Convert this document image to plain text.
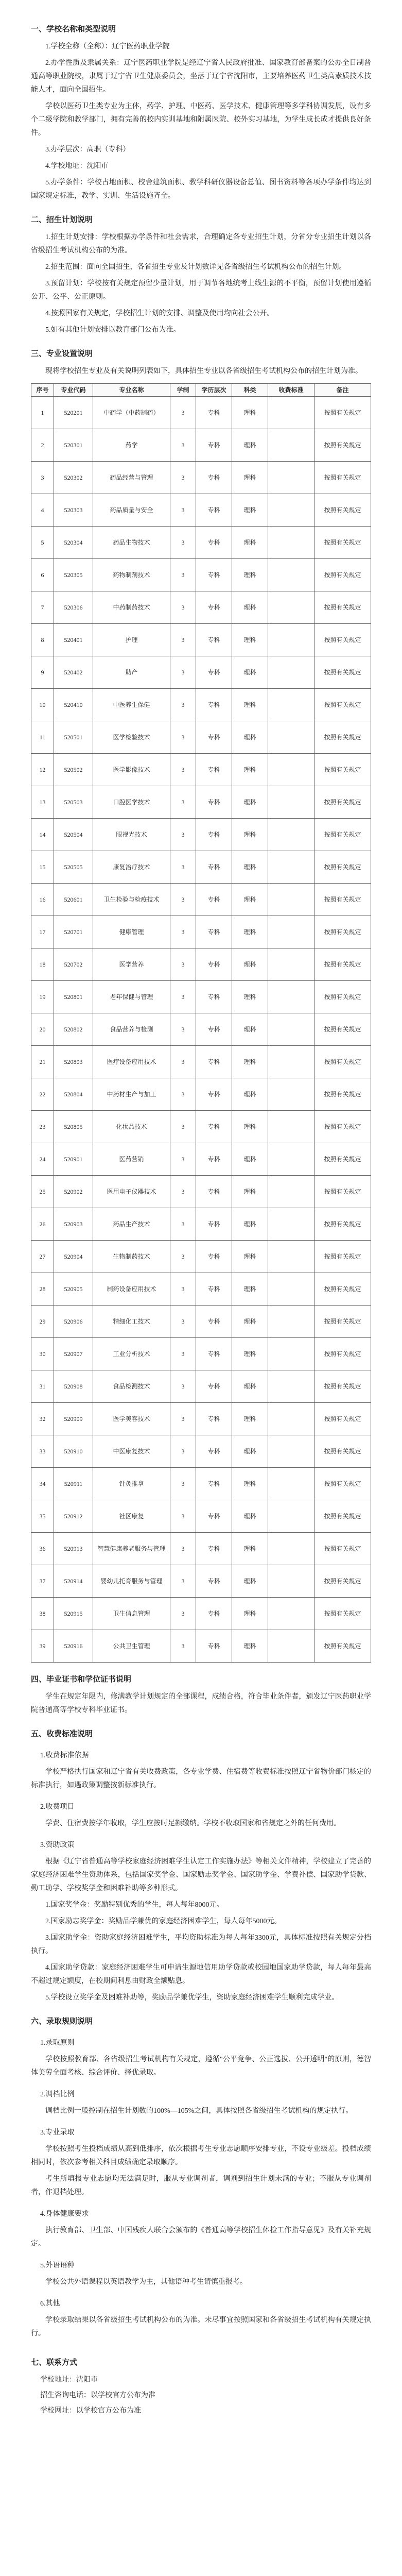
一、学校名称和类型说明
1.学校全称（全称）：辽宁医药职业学院
2.办学性质及隶属关系：辽宁医药职业学院是经辽宁省人民政府批准、国家教育部备案的公办全日制普通高等职业院校，隶属于辽宁省卫生健康委员会，坐落于辽宁省沈阳市，主要培养医药卫生类高素质技术技能人才，面向全国招生。
学校以医药卫生类专业为主体，药学、护理、中医药、医学技术、健康管理等多学科协调发展，设有多个二级学院和教学部门，拥有完善的校内实训基地和附属医院、校外实习基地，为学生成长成才提供良好条件。
3.办学层次：高职（专科）
4.学校地址：沈阳市
5.办学条件：学校占地面积、校舍建筑面积、教学科研仪器设备总值、图书资料等各项办学条件均达到国家规定标准，教学、实训、生活设施齐全。
二、招生计划说明
1.招生计划安排：学校根据办学条件和社会需求，合理确定各专业招生计划，分省分专业招生计划以各省级招生考试机构公布的为准。
2.招生范围：面向全国招生，各省招生专业及计划数详见各省级招生考试机构公布的招生计划。
3.预留计划：学校按有关规定预留少量计划，用于调节各地统考上线生源的不平衡，预留计划使用遵循公开、公平、公正原则。
4.按照国家有关规定，学校招生计划的安排、调整及使用均向社会公开。
5.如有其他计划安排以教育部门公布为准。
三、专业设置说明
现将学校招生专业及有关说明列表如下，具体招生专业以各省级招生考试机构公布的招生计划为准。
序号	专业代码	专业名称	学制	学历层次	科类	收费标准	备注
1	520201	中药学（中药制药）	3	专科	理科		按照有关规定
2	520301	药学	3	专科	理科		按照有关规定
3	520302	药品经营与管理	3	专科	理科		按照有关规定
4	520303	药品质量与安全	3	专科	理科		按照有关规定
5	520304	药品生物技术	3	专科	理科		按照有关规定
6	520305	药物制剂技术	3	专科	理科		按照有关规定
7	520306	中药制药技术	3	专科	理科		按照有关规定
8	520401	护理	3	专科	理科		按照有关规定
9	520402	助产	3	专科	理科		按照有关规定
10	520410	中医养生保健	3	专科	理科		按照有关规定
11	520501	医学检验技术	3	专科	理科		按照有关规定
12	520502	医学影像技术	3	专科	理科		按照有关规定
13	520503	口腔医学技术	3	专科	理科		按照有关规定
14	520504	眼视光技术	3	专科	理科		按照有关规定
15	520505	康复治疗技术	3	专科	理科		按照有关规定
16	520601	卫生检验与检疫技术	3	专科	理科		按照有关规定
17	520701	健康管理	3	专科	理科		按照有关规定
18	520702	医学营养	3	专科	理科		按照有关规定
19	520801	老年保健与管理	3	专科	理科		按照有关规定
20	520802	食品营养与检测	3	专科	理科		按照有关规定
21	520803	医疗设备应用技术	3	专科	理科		按照有关规定
22	520804	中药材生产与加工	3	专科	理科		按照有关规定
23	520805	化妆品技术	3	专科	理科		按照有关规定
24	520901	医药营销	3	专科	理科		按照有关规定
25	520902	医用电子仪器技术	3	专科	理科		按照有关规定
26	520903	药品生产技术	3	专科	理科		按照有关规定
27	520904	生物制药技术	3	专科	理科		按照有关规定
28	520905	制药设备应用技术	3	专科	理科		按照有关规定
29	520906	精细化工技术	3	专科	理科		按照有关规定
30	520907	工业分析技术	3	专科	理科		按照有关规定
31	520908	食品检测技术	3	专科	理科		按照有关规定
32	520909	医学美容技术	3	专科	理科		按照有关规定
33	520910	中医康复技术	3	专科	理科		按照有关规定
34	520911	针灸推拿	3	专科	理科		按照有关规定
35	520912	社区康复	3	专科	理科		按照有关规定
36	520913	智慧健康养老服务与管理	3	专科	理科		按照有关规定
37	520914	婴幼儿托育服务与管理	3	专科	理科		按照有关规定
38	520915	卫生信息管理	3	专科	理科		按照有关规定
39	520916	公共卫生管理	3	专科	理科		按照有关规定
四、毕业证书和学位证书说明
学生在规定年限内，修满教学计划规定的全部课程，成绩合格，符合毕业条件者，颁发辽宁医药职业学院普通高等学校专科毕业证书。
五、收费标准说明
1.收费标准依据
学校严格执行国家和辽宁省有关收费政策，各专业学费、住宿费等收费标准按照辽宁省物价部门核定的标准执行，如遇政策调整按新标准执行。
2.收费项目
学费、住宿费按学年收取，学生应按时足额缴纳。学校不收取国家和省规定之外的任何费用。
3.资助政策
根据《辽宁省普通高等学校家庭经济困难学生认定工作实施办法》等相关文件精神，学校建立了完善的家庭经济困难学生资助体系，包括国家奖学金、国家励志奖学金、国家助学金、学费补偿、国家助学贷款、勤工助学、学校奖学金和困难补助等多种形式。
1.国家奖学金：奖励特别优秀的学生，每人每年8000元。
2.国家励志奖学金：奖励品学兼优的家庭经济困难学生，每人每年5000元。
3.国家助学金：资助家庭经济困难学生，平均资助标准为每人每年3300元，具体标准按照有关规定分档执行。
4.国家助学贷款：家庭经济困难学生可申请生源地信用助学贷款或校园地国家助学贷款，每人每年最高不超过规定额度，在校期间利息由财政全额贴息。
5.学校设立奖学金及困难补助等，奖励品学兼优学生，资助家庭经济困难学生顺利完成学业。
六、录取规则说明
1.录取原则
学校按照教育部、各省级招生考试机构有关规定，遵循"公平竞争、公正选拔、公开透明"的原则，德智体美劳全面考核、综合评价、择优录取。
2.调档比例
调档比例一般控制在招生计划数的100%—105%之间，具体按照各省级招生考试机构的规定执行。
3.专业录取
学校按照考生投档成绩从高到低排序，依次根据考生专业志愿顺序安排专业，不设专业级差。投档成绩相同时，依次参考相关科目成绩确定录取顺序。
考生所填报专业志愿均无法满足时，服从专业调剂者，调剂到招生计划未满的专业；不服从专业调剂者，作退档处理。
4.身体健康要求
执行教育部、卫生部、中国残疾人联合会颁布的《普通高等学校招生体检工作指导意见》及有关补充规定。
5.外语语种
学校公共外语课程以英语教学为主，其他语种考生请慎重报考。
6.其他
学校录取结果以各省级招生考试机构公布的为准。未尽事宜按照国家和各省级招生考试机构有关规定执行。
七、联系方式
学校地址：沈阳市
招生咨询电话：以学校官方公布为准
学校网址：以学校官方公布为准
